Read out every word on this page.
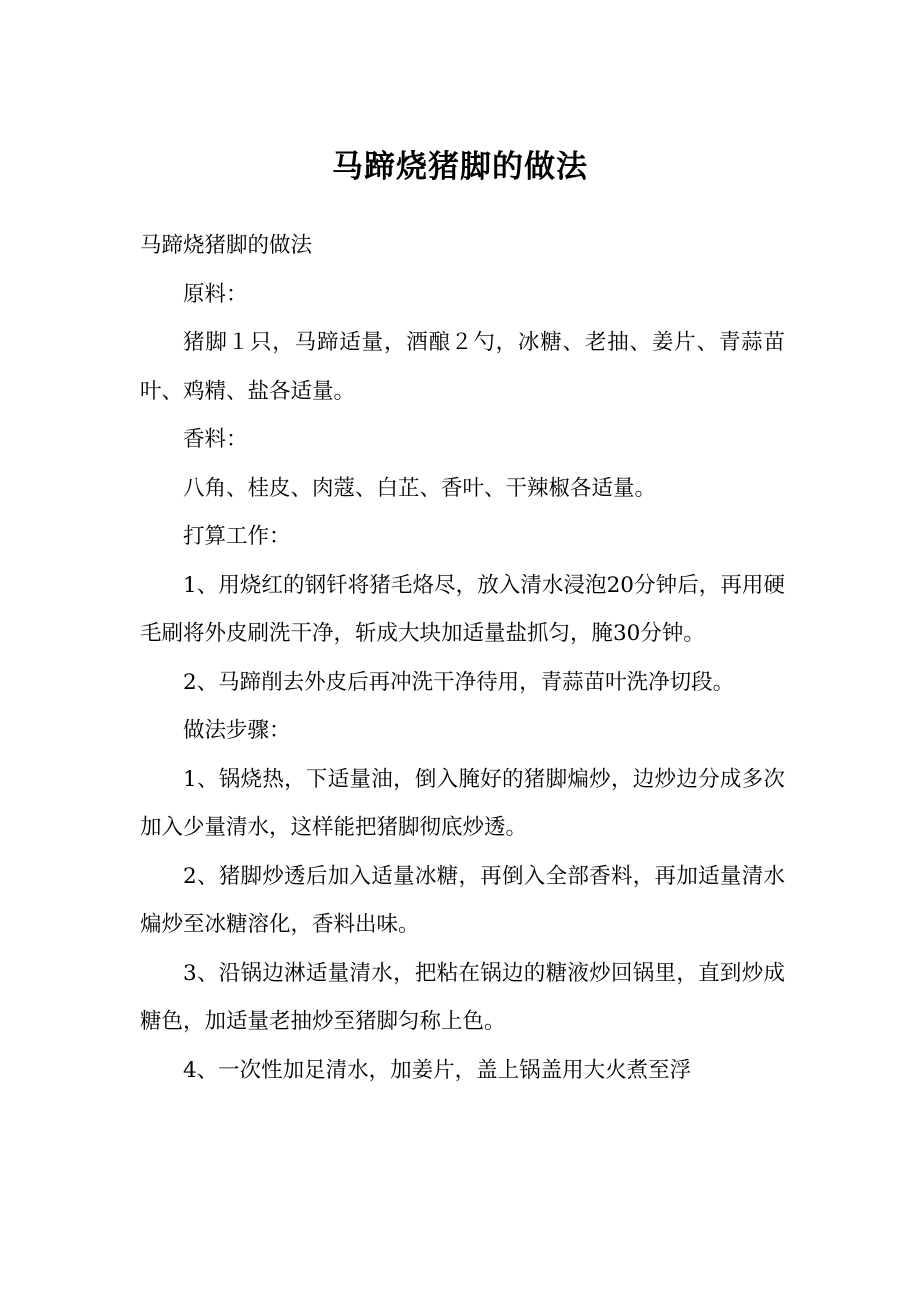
马蹄烧猪脚的做法

马蹄烧猪脚的做法

原料：

猪脚１只，马蹄适量，酒酿２勺，冰糖、老抽、姜片、青蒜苗叶、鸡精、盐各适量。

香料：

八角、桂皮、肉蔻、白芷、香叶、干辣椒各适量。

打算工作：

1、用烧红的钢钎将猪毛烙尽，放入清水浸泡20分钟后，再用硬毛刷将外皮刷洗干净，斩成大块加适量盐抓匀，腌30分钟。

2、马蹄削去外皮后再冲洗干净待用，青蒜苗叶洗净切段。

做法步骤：

1、锅烧热，下适量油，倒入腌好的猪脚煸炒，边炒边分成多次加入少量清水，这样能把猪脚彻底炒透。

2、猪脚炒透后加入适量冰糖，再倒入全部香料，再加适量清水煸炒至冰糖溶化，香料出味。

3、沿锅边淋适量清水，把粘在锅边的糖液炒回锅里，直到炒成糖色，加适量老抽炒至猪脚匀称上色。

4、一次性加足清水，加姜片，盖上锅盖用大火煮至浮
